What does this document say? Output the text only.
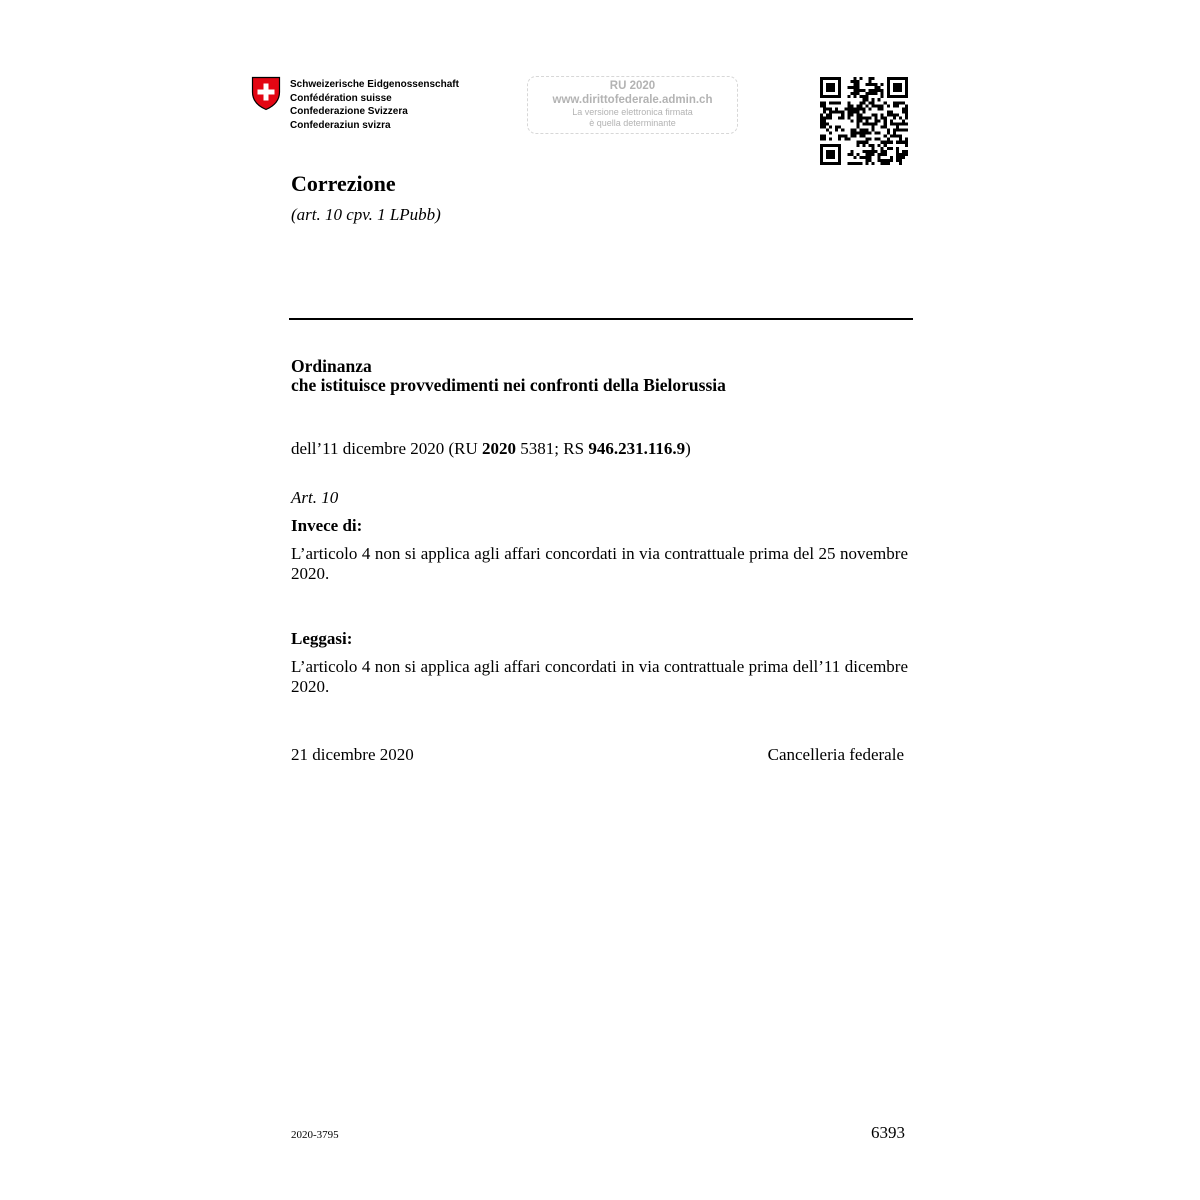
Schweizerische Eidgenossenschaft
Confédération suisse
Confederazione Svizzera
Confederaziun svizra
RU 2020
www.dirittofederale.admin.ch
La versione elettronica firmata
è quella determinante
Correzione
(art. 10 cpv. 1 LPubb)
Ordinanza
che istituisce provvedimenti nei confronti della Bielorussia
dell’11 dicembre 2020 (RU 2020 5381; RS 946.231.116.9)
Art. 10
Invece di:
L’articolo 4 non si applica agli affari concordati in via contrattuale prima del 25 novembre 2020.
Leggasi:
L’articolo 4 non si applica agli affari concordati in via contrattuale prima dell’11 dicembre 2020.
21 dicembre 2020	Cancelleria federale
2020-3795	6393
